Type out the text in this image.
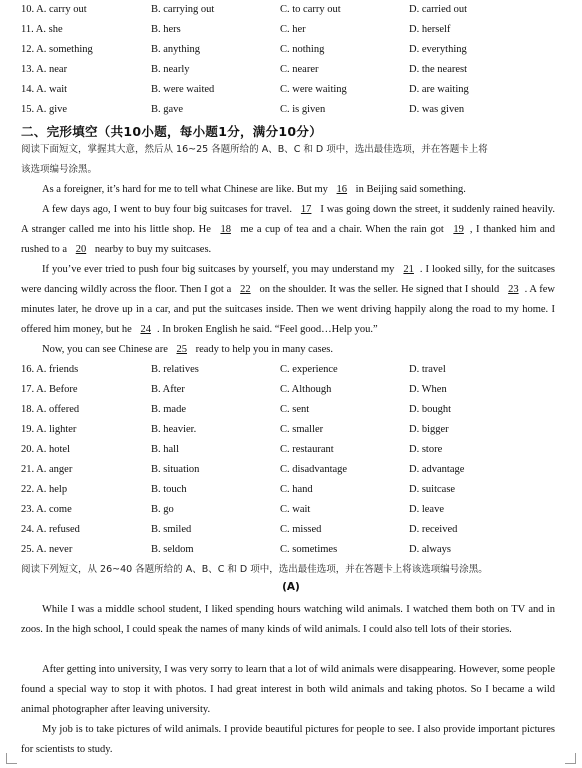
10. A. carry out	B. carrying out	C. to carry out	D. carried out
11. A. she	B. hers	C. her	D. herself
12. A. something	B. anything	C. nothing	D. everything
13. A. near	B. nearly	C. nearer	D. the nearest
14. A. wait	B. were waited	C. were waiting	D. are waiting
15. A. give	B. gave	C. is given	D. was given
二、完形填空（共10小题，每小题1分，满分10分）
阅读下面短文，掌握其大意，然后从 16~25 各题所给的 A、B、C 和 D 项中，选出最佳选项，并在答题卡上将
该选项编号涂黑。
As a foreigner, it’s hard for me to tell what Chinese are like. But my 16 in Beijing said something.
A few days ago, I went to buy four big suitcases for travel. 17 I was going down the street, it suddenly rained heavily. A stranger called me into his little shop. He 18 me a cup of tea and a chair. When the rain got 19 , I thanked him and rushed to a 20 nearby to buy my suitcases.
If you’ve ever tried to push four big suitcases by yourself, you may understand my 21 . I looked silly, for the suitcases were dancing wildly across the floor. Then I got a 22 on the shoulder. It was the seller. He signed that I should 23 . A few minutes later, he drove up in a car, and put the suitcases inside. Then we went driving happily along the road to my home. I offered him money, but he 24 . In broken English he said. “Feel good…Help you.”
Now, you can see Chinese are 25 ready to help you in many cases.
16. A. friends	B. relatives	C. experience	D. travel
17. A. Before	B. After	C. Although	D. When
18. A. offered	B. made	C. sent	D. bought
19. A. lighter	B. heavier.	C. smaller	D. bigger
20. A. hotel	B. hall	C. restaurant	D. store
21. A. anger	B. situation	C. disadvantage	D. advantage
22. A. help	B. touch	C. hand	D. suitcase
23. A. come	B. go	C. wait	D. leave
24. A. refused	B. smiled	C. missed	D. received
25. A. never	B. seldom	C. sometimes	D. always
阅读下列短文，从 26~40 各题所给的 A、B、C 和 D 项中，选出最佳选项，并在答题卡上将该选项编号涂黑。
(A)
While I was a middle school student, I liked spending hours watching wild animals. I watched them both on TV and in zoos. In the high school, I could speak the names of many kinds of wild animals. I could also tell lots of their stories.
After getting into university, I was very sorry to learn that a lot of wild animals were disappearing. However, some people found a special way to stop it with photos. I had great interest in both wild animals and taking photos. So I became a wild animal photographer after leaving university.
My job is to take pictures of wild animals. I provide beautiful pictures for people to see. I also provide important pictures for scientists to study.
